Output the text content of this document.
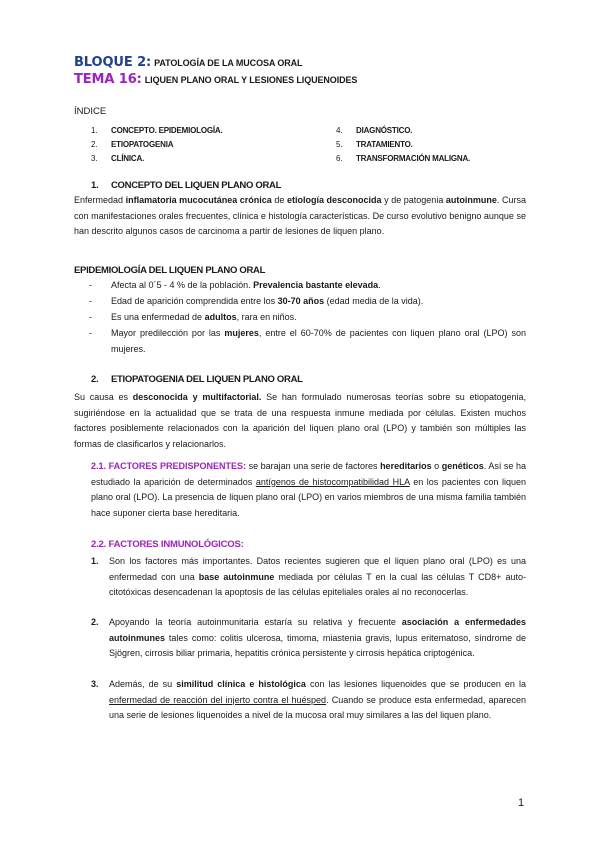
BLOQUE 2: PATOLOGÍA DE LA MUCOSA ORAL
TEMA 16: LIQUEN PLANO ORAL Y LESIONES LIQUENOIDES
ÍNDICE
1. CONCEPTO. EPIDEMIOLOGÍA.
2. ETIOPATOGENIA
3. CLÍNICA.
4. DIAGNÓSTICO.
5. TRATAMIENTO.
6. TRANSFORMACIÓN MALIGNA.
1. CONCEPTO DEL LIQUEN PLANO ORAL
Enfermedad inflamatoria mucocutánea crónica de etiología desconocida y de patogenia autoinmune. Cursa con manifestaciones orales frecuentes, clínica e histología características. De curso evolutivo benigno aunque se han descrito algunos casos de carcinoma a partir de lesiones de liquen plano.
EPIDEMIOLOGÍA DEL LIQUEN PLANO ORAL
- Afecta al 0´5 - 4 % de la población. Prevalencia bastante elevada.
- Edad de aparición comprendida entre los 30-70 años (edad media de la vida).
- Es una enfermedad de adultos, rara en niños.
- Mayor predilección por las mujeres, entre el 60-70% de pacientes con liquen plano oral (LPO) son mujeres.
2. ETIOPATOGENIA DEL LIQUEN PLANO ORAL
Su causa es desconocida y multifactorial. Se han formulado numerosas teorías sobre su etiopatogenia, sugiriéndose en la actualidad que se trata de una respuesta inmune mediada por células. Existen muchos factores posiblemente relacionados con la aparición del liquen plano oral (LPO) y también son múltiples las formas de clasificarlos y relacionarlos.
2.1. FACTORES PREDISPONENTES: se barajan una serie de factores hereditarios o genéticos. Así se ha estudiado la aparición de determinados antígenos de histocompatibilidad HLA en los pacientes con liquen plano oral (LPO). La presencia de liquen plano oral (LPO) en varios miembros de una misma familia también hace suponer cierta base hereditaria.
2.2. FACTORES INMUNOLÓGICOS:
1. Son los factores más importantes. Datos recientes sugieren que el liquen plano oral (LPO) es una enfermedad con una base autoinmune mediada por células T en la cual las células T CD8+ auto-citotóxicas desencadenan la apoptosis de las células epiteliales orales al no reconocerlas.
2. Apoyando la teoría autoinmunitaria estaría su relativa y frecuente asociación a enfermedades autoinmunes tales como: colitis ulcerosa, timoma, miastenia gravis, lupus eritematoso, síndrome de Sjögren, cirrosis biliar primaria, hepatitis crónica persistente y cirrosis hepática criptogénica.
3. Además, de su similitud clínica e histológica con las lesiones liquenoides que se producen en la enfermedad de reacción del injerto contra el huésped. Cuando se produce esta enfermedad, aparecen una serie de lesiones liquenoides a nivel de la mucosa oral muy similares a las del liquen plano.
1
